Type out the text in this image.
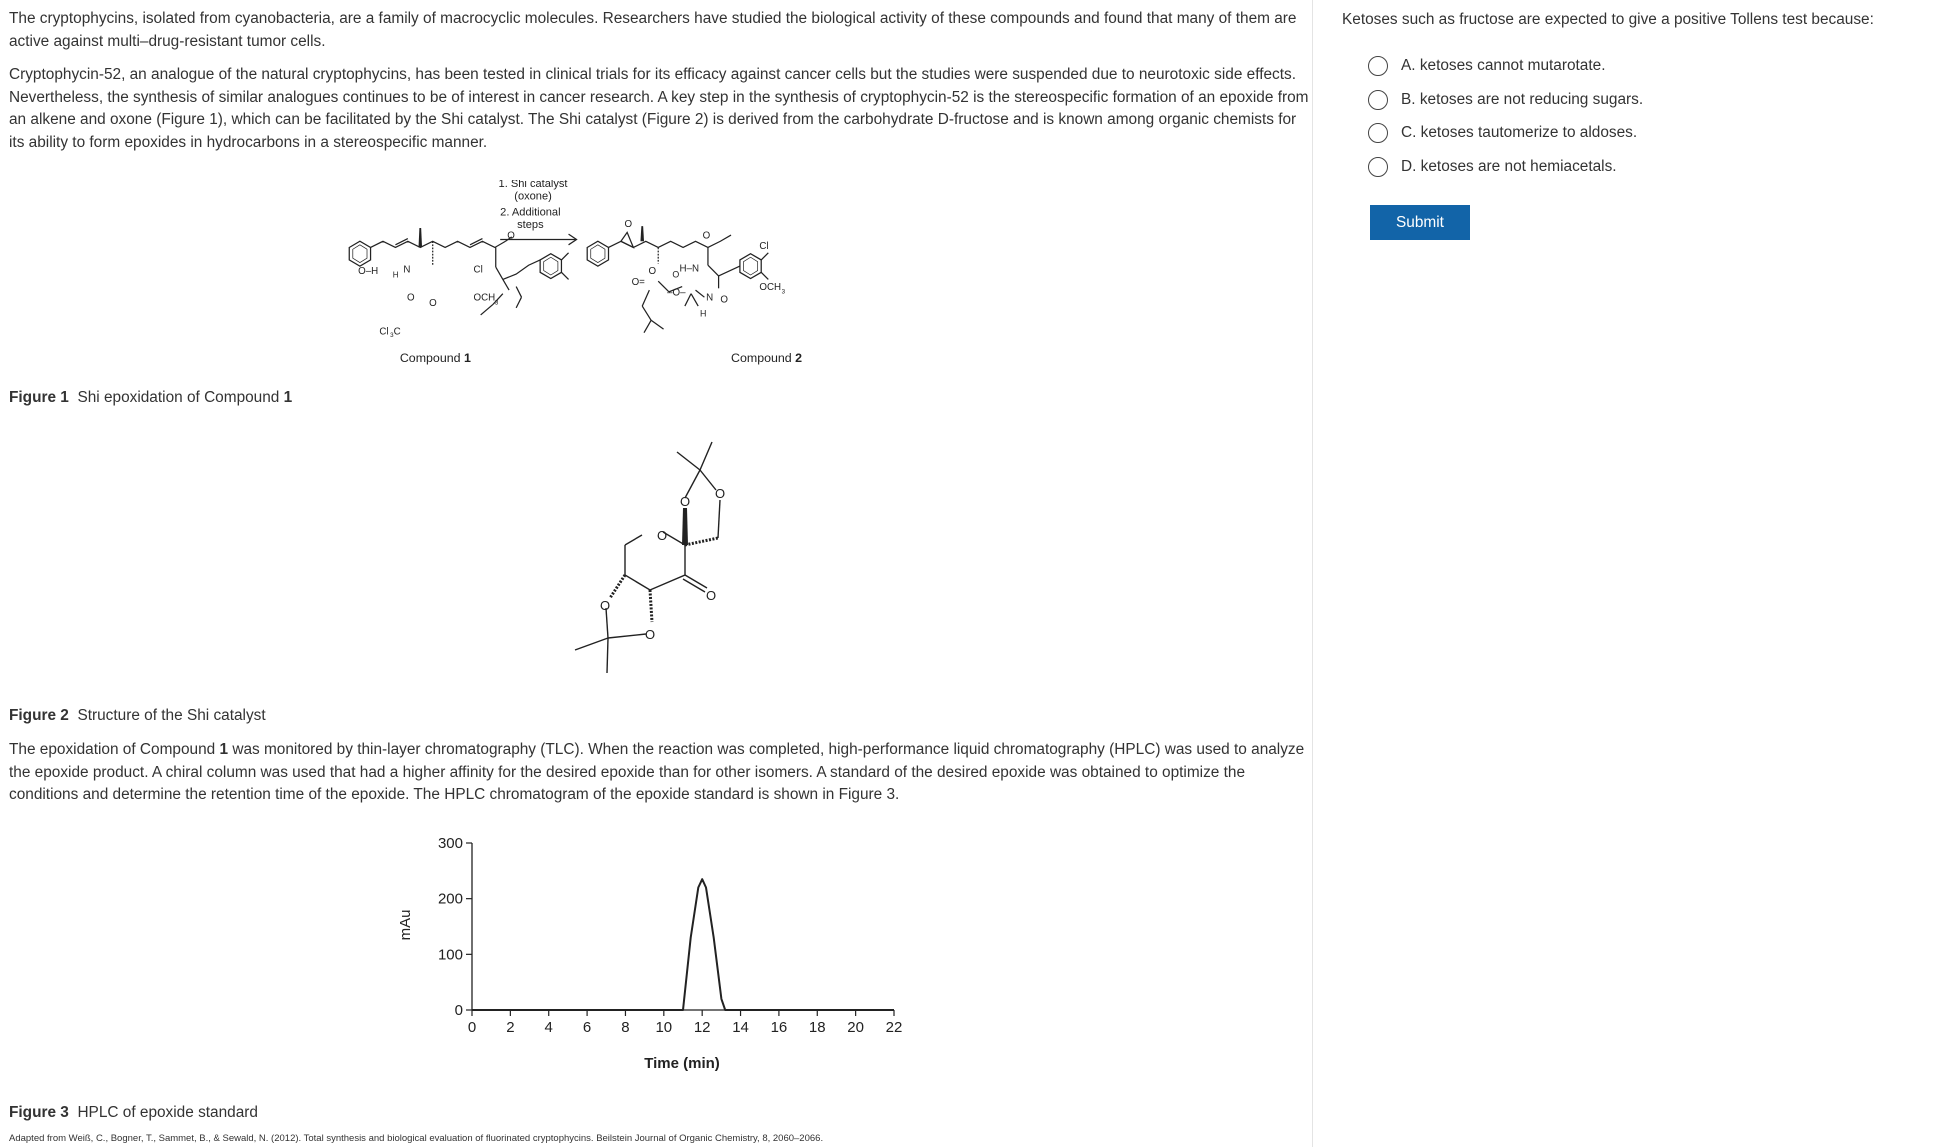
The cryptophycins, isolated from cyanobacteria, are a family of macrocyclic molecules. Researchers have studied the biological activity of these compounds and found that many of them are active against multi–drug-resistant tumor cells.

Cryptophycin-52, an analogue of the natural cryptophycins, has been tested in clinical trials for its efficacy against cancer cells but the studies were suspended due to neurotoxic side effects. Nevertheless, the synthesis of similar analogues continues to be of interest in cancer research. A key step in the synthesis of cryptophycin-52 is the stereospecific formation of an epoxide from an alkene and oxone (Figure 1), which can be facilitated by the Shi catalyst. The Shi catalyst (Figure 2) is derived from the carbohydrate D-fructose and is known among organic chemists for its ability to form epoxides in hydrocarbons in a stereospecific manner.

1. Shi catalyst
(oxone)
2. Additional
steps
O
O–H H N	Cl
OCH 3
O O
Cl 3 C
O
O
O H–N
Cl
OCH 3
O=
–O– N O
H
O
Compound 1	Compound 2

Figure 1 Shi epoxidation of Compound 1

O
O
O
O
O
O

Figure 2 Structure of the Shi catalyst

The epoxidation of Compound 1 was monitored by thin-layer chromatography (TLC). When the reaction was completed, high-performance liquid chromatography (HPLC) was used to analyze the epoxide product. A chiral column was used that had a higher affinity for the desired epoxide than for other isomers. A standard of the desired epoxide was obtained to optimize the conditions and determine the retention time of the epoxide. The HPLC chromatogram of the epoxide standard is shown in Figure 3.

mAu
Time (min)
0 2 4 6 8 10 12 14 16 18 20 22
0
100
200
300

Figure 3 HPLC of epoxide standard

Adapted from Weiß, C., Bogner, T., Sammet, B., & Sewald, N. (2012). Total synthesis and biological evaluation of fluorinated cryptophycins. Beilstein Journal of Organic Chemistry, 8, 2060–2066.

Ketoses such as fructose are expected to give a positive Tollens test because:

A. ketoses cannot mutarotate.
B. ketoses are not reducing sugars.
C. ketoses tautomerize to aldoses.
D. ketoses are not hemiacetals.
Submit
